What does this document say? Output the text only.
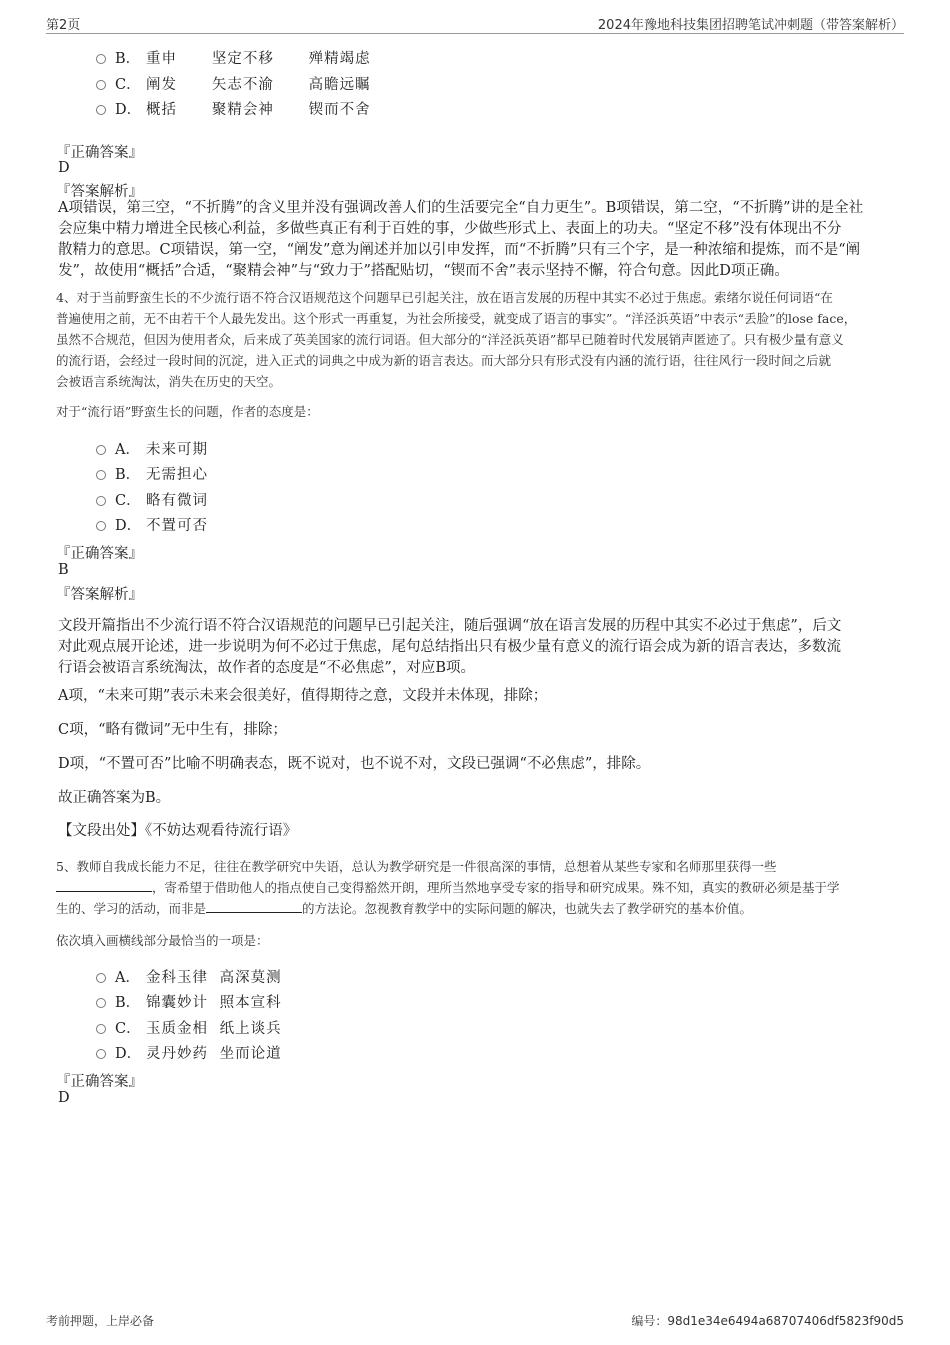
第2页	2024年豫地科技集团招聘笔试冲刺题（带答案解析）
B． 重申   坚定不移   殚精竭虑
C． 阐发   矢志不渝   高瞻远瞩
D． 概括   聚精会神   锲而不舍
『正确答案』
D
『答案解析』
A项错误，第三空，“不折腾”的含义里并没有强调改善人们的生活要完全“自力更生”。B项错误，第二空，“不折腾”讲的是全社
会应集中精力增进全民核心利益，多做些真正有利于百姓的事，少做些形式上、表面上的功夫。“坚定不移”没有体现出不分
散精力的意思。C项错误，第一空，“阐发”意为阐述并加以引申发挥，而“不折腾”只有三个字，是一种浓缩和提炼，而不是“阐
发”，故使用“概括”合适，“聚精会神”与“致力于”搭配贴切，“锲而不舍”表示坚持不懈，符合句意。因此D项正确。
4、对于当前野蛮生长的不少流行语不符合汉语规范这个问题早已引起关注，放在语言发展的历程中其实不必过于焦虑。索绪尔说任何词语“在
普遍使用之前，无不由若干个人最先发出。这个形式一再重复，为社会所接受，就变成了语言的事实”。“洋泾浜英语”中表示“丢脸”的lose face，
虽然不合规范，但因为使用者众，后来成了英美国家的流行词语。但大部分的“洋泾浜英语”都早已随着时代发展销声匿迹了。只有极少量有意义
的流行语，会经过一段时间的沉淀，进入正式的词典之中成为新的语言表达。而大部分只有形式没有内涵的流行语，往往风行一段时间之后就
会被语言系统淘汰，消失在历史的天空。
对于“流行语”野蛮生长的问题，作者的态度是：
A． 未来可期
B． 无需担心
C． 略有微词
D． 不置可否
『正确答案』
B
『答案解析』
文段开篇指出不少流行语不符合汉语规范的问题早已引起关注，随后强调“放在语言发展的历程中其实不必过于焦虑”，后文
对此观点展开论述，进一步说明为何不必过于焦虑，尾句总结指出只有极少量有意义的流行语会成为新的语言表达，多数流
行语会被语言系统淘汰，故作者的态度是“不必焦虑”，对应B项。
A项，“未来可期”表示未来会很美好，值得期待之意，文段并未体现，排除；
C项，“略有微词”无中生有，排除；
D项，“不置可否”比喻不明确表态，既不说对，也不说不对，文段已强调“不必焦虑”，排除。
故正确答案为B。
【文段出处】《不妨达观看待流行语》
5、教师自我成长能力不足，往往在教学研究中失语，总认为教学研究是一件很高深的事情，总想着从某些专家和名师那里获得一些
，寄希望于借助他人的指点使自己变得豁然开朗，理所当然地享受专家的指导和研究成果。殊不知，真实的教研必须是基于学
生的、学习的活动，而非是	的方法论。忽视教育教学中的实际问题的解决，也就失去了教学研究的基本价值。
依次填入画横线部分最恰当的一项是：
A． 金科玉律 高深莫测
B． 锦囊妙计 照本宣科
C． 玉质金相 纸上谈兵
D． 灵丹妙药 坐而论道
『正确答案』
D
考前押题，上岸必备	编号：98d1e34e6494a68707406df5823f90d5
